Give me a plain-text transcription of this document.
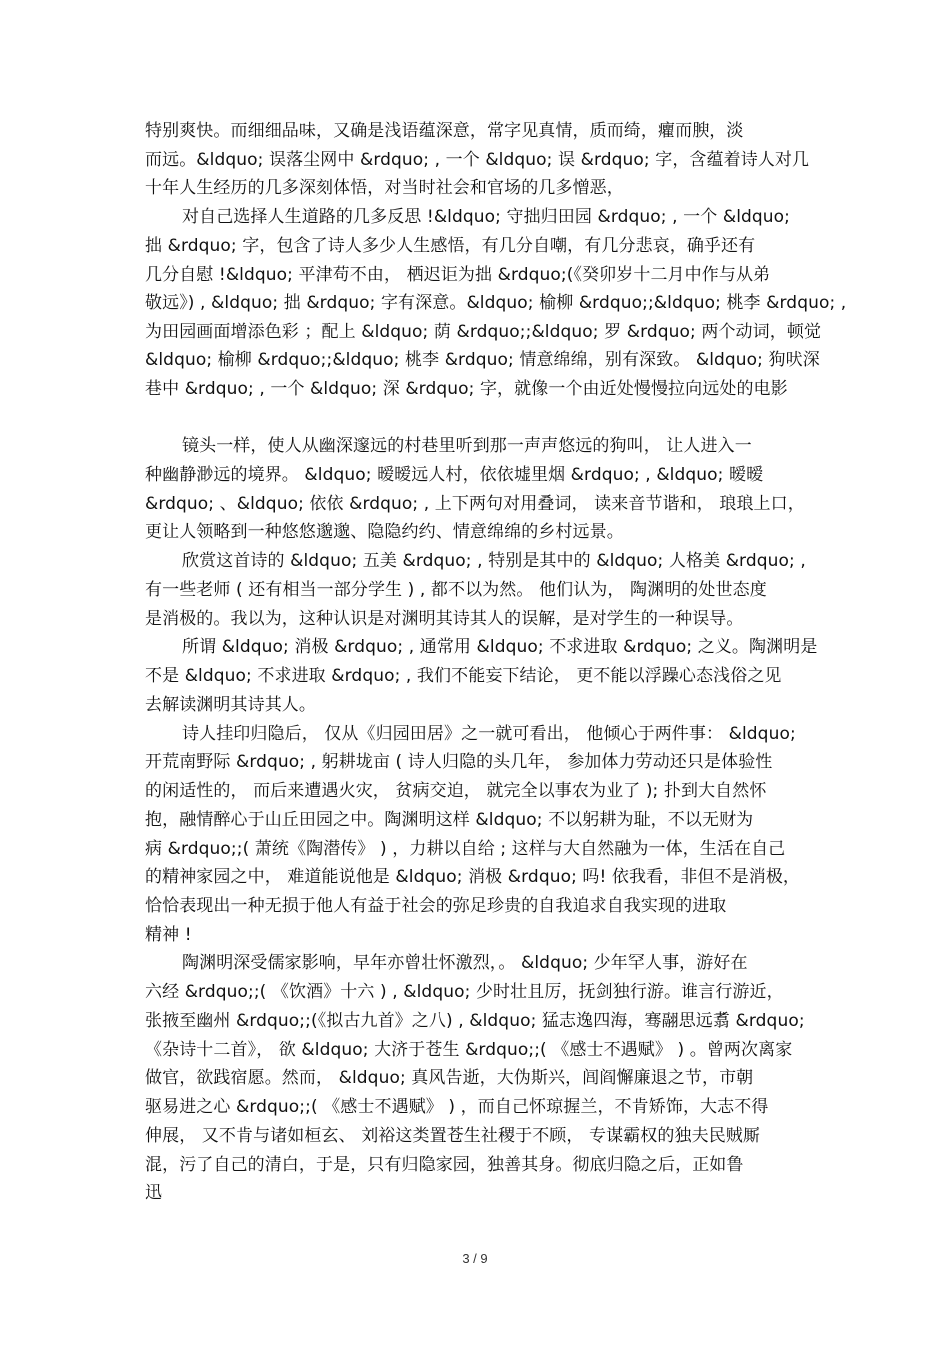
特别爽快。而细细品味，又确是浅语蕴深意，常字见真情，质而绮，癯而腴，淡
而远。&ldquo; 误落尘网中 &rdquo; , 一个 &ldquo; 误 &rdquo; 字，含蕴着诗人对几
十年人生经历的几多深刻体悟，对当时社会和官场的几多憎恶，
对自己选择人生道路的几多反思 !&ldquo; 守拙归田园 &rdquo; , 一个 &ldquo;
拙 &rdquo; 字，包含了诗人多少人生感悟，有几分自嘲，有几分悲哀，确乎还有
几分自慰 !&ldquo; 平津苟不由， 栖迟讵为拙 &rdquo;(《癸卯岁十二月中作与从弟
敬远》) , &ldquo; 拙 &rdquo; 字有深意。&ldquo; 榆柳 &rdquo;;&ldquo; 桃李 &rdquo; ,
为田园画面增添色彩 ；配上 &ldquo; 荫 &rdquo;;&ldquo; 罗 &rdquo; 两个动词，顿觉
&ldquo; 榆柳 &rdquo;;&ldquo; 桃李 &rdquo; 情意绵绵，别有深致。 &ldquo; 狗吠深
巷中 &rdquo; , 一个 &ldquo; 深 &rdquo; 字，就像一个由近处慢慢拉向远处的电影
镜头一样，使人从幽深邃远的村巷里听到那一声声悠远的狗叫， 让人进入一
种幽静渺远的境界。 &ldquo; 暧暧远人村，依依墟里烟 &rdquo; , &ldquo; 暧暧
&rdquo; 、&ldquo; 依依 &rdquo; , 上下两句对用叠词， 读来音节谐和， 琅琅上口，
更让人领略到一种悠悠邈邈、隐隐约约、情意绵绵的乡村远景。
欣赏这首诗的 &ldquo; 五美 &rdquo; , 特别是其中的 &ldquo; 人格美 &rdquo; ,
有一些老师 ( 还有相当一部分学生 ) , 都不以为然。 他们认为， 陶渊明的处世态度
是消极的。我以为，这种认识是对渊明其诗其人的误解，是对学生的一种误导。
所谓 &ldquo; 消极 &rdquo; , 通常用 &ldquo; 不求进取 &rdquo; 之义。陶渊明是
不是 &ldquo; 不求进取 &rdquo; , 我们不能妄下结论， 更不能以浮躁心态浅俗之见
去解读渊明其诗其人。
诗人挂印归隐后， 仅从《归园田居》之一就可看出， 他倾心于两件事： &ldquo;
开荒南野际 &rdquo; , 躬耕垅亩 ( 诗人归隐的头几年， 参加体力劳动还只是体验性
的闲适性的， 而后来遭遇火灾， 贫病交迫， 就完全以事农为业了 ); 扑到大自然怀
抱，融情醉心于山丘田园之中。陶渊明这样 &ldquo; 不以躬耕为耻，不以无财为
病 &rdquo;;( 萧统《陶潜传》 ) ，力耕以自给 ; 这样与大自然融为一体，生活在自己
的精神家园之中， 难道能说他是 &ldquo; 消极 &rdquo; 吗! 依我看，非但不是消极，
恰恰表现出一种无损于他人有益于社会的弥足珍贵的自我追求自我实现的进取
精神 !
陶渊明深受儒家影响，早年亦曾壮怀激烈，。 &ldquo; 少年罕人事，游好在
六经 &rdquo;;( 《饮酒》十六 ) , &ldquo; 少时壮且厉，抚剑独行游。谁言行游近，
张掖至幽州 &rdquo;;(《拟古九首》之八) , &ldquo; 猛志逸四海，骞翮思远翥 &rdquo;
《杂诗十二首》， 欲 &ldquo; 大济于苍生 &rdquo;;( 《感士不遇赋》 ) 。曾两次离家
做官，欲践宿愿。然而， &ldquo; 真风告逝，大伪斯兴，闾阎懈廉退之节，市朝
驱易进之心 &rdquo;;( 《感士不遇赋》 ) ，而自己怀琼握兰，不肯矫饰，大志不得
伸展， 又不肯与诸如桓玄、 刘裕这类置苍生社稷于不顾， 专谋霸权的独夫民贼厮
混，污了自己的清白，于是，只有归隐家园，独善其身。彻底归隐之后，正如鲁
迅
3 / 9
